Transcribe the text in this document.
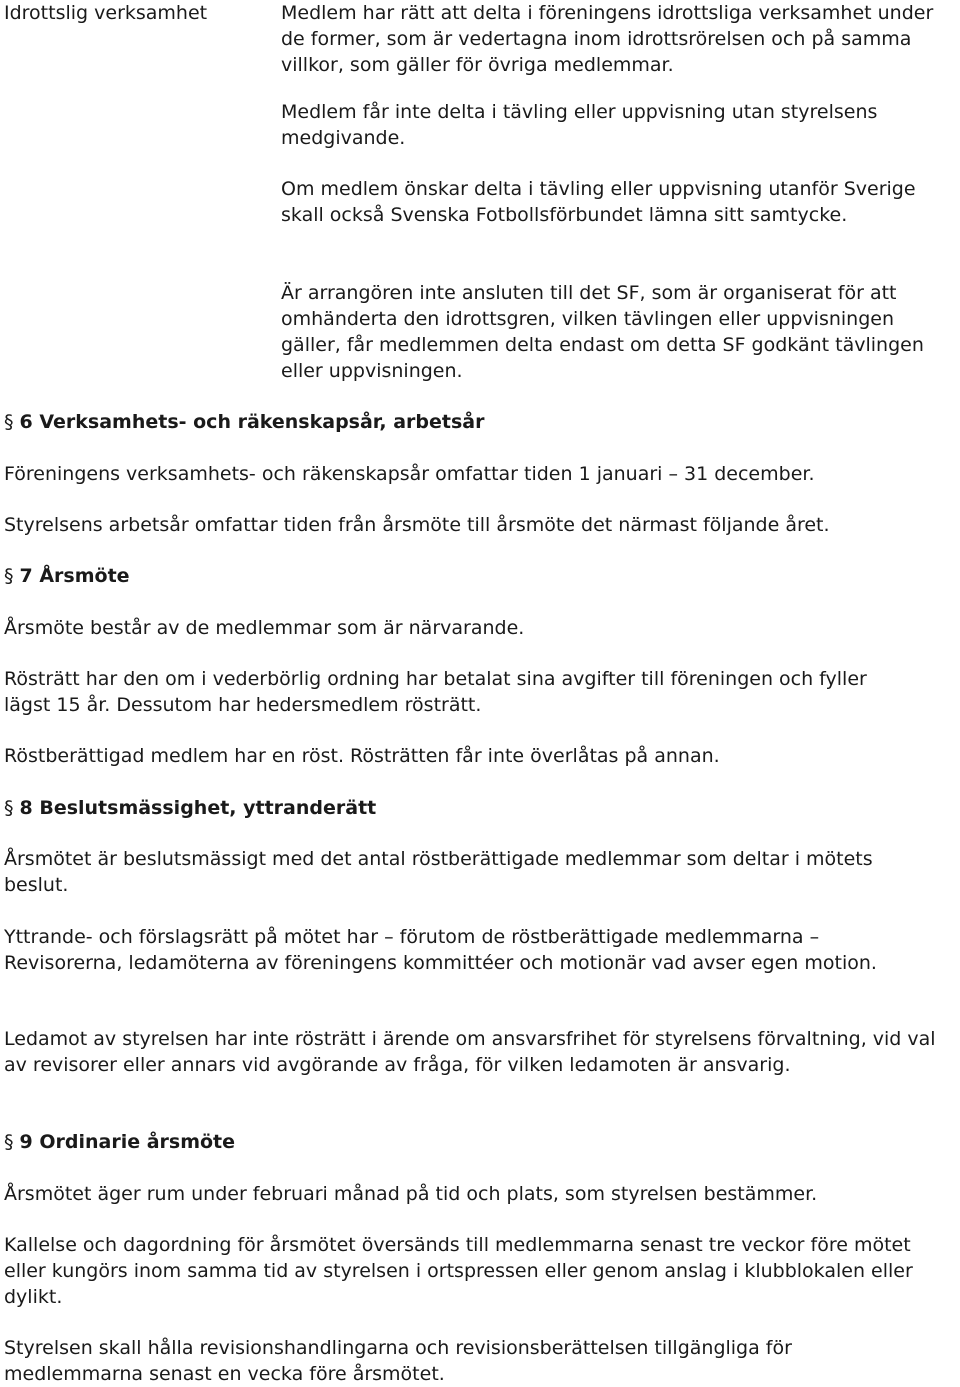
Idrottslig verksamhet	Medlem har rätt att delta i föreningens idrottsliga verksamhet under de former, som är vedertagna inom idrottsrörelsen och på samma villkor, som gäller för övriga medlemmar.

Medlem får inte delta i tävling eller uppvisning utan styrelsens medgivande.

Om medlem önskar delta i tävling eller uppvisning utanför Sverige skall också Svenska Fotbollsförbundet lämna sitt samtycke.

Är arrangören inte ansluten till det SF, som är organiserat för att omhänderta den idrottsgren, vilken tävlingen eller uppvisningen gäller, får medlemmen delta endast om detta SF godkänt tävlingen eller uppvisningen.

§ 6 Verksamhets- och räkenskapsår, arbetsår

Föreningens verksamhets- och räkenskapsår omfattar tiden 1 januari – 31 december.

Styrelsens arbetsår omfattar tiden från årsmöte till årsmöte det närmast följande året.

§ 7 Årsmöte

Årsmöte består av de medlemmar som är närvarande.

Rösträtt har den om i vederbörlig ordning har betalat sina avgifter till föreningen och fyller lägst 15 år. Dessutom har hedersmedlem rösträtt.

Röstberättigad medlem har en röst. Rösträtten får inte överlåtas på annan.

§ 8 Beslutsmässighet, yttranderätt

Årsmötet är beslutsmässigt med det antal röstberättigade medlemmar som deltar i mötets beslut.

Yttrande- och förslagsrätt på mötet har – förutom de röstberättigade medlemmarna – Revisorerna, ledamöterna av föreningens kommittéer och motionär vad avser egen motion.

Ledamot av styrelsen har inte rösträtt i ärende om ansvarsfrihet för styrelsens förvaltning, vid val av revisorer eller annars vid avgörande av fråga, för vilken ledamoten är ansvarig.

§ 9 Ordinarie årsmöte

Årsmötet äger rum under februari månad på tid och plats, som styrelsen bestämmer.

Kallelse och dagordning för årsmötet översänds till medlemmarna senast tre veckor före mötet eller kungörs inom samma tid av styrelsen i ortspressen eller genom anslag i klubblokalen eller dylikt.

Styrelsen skall hålla revisionshandlingarna och revisionsberättelsen tillgängliga för medlemmarna senast en vecka före årsmötet.
